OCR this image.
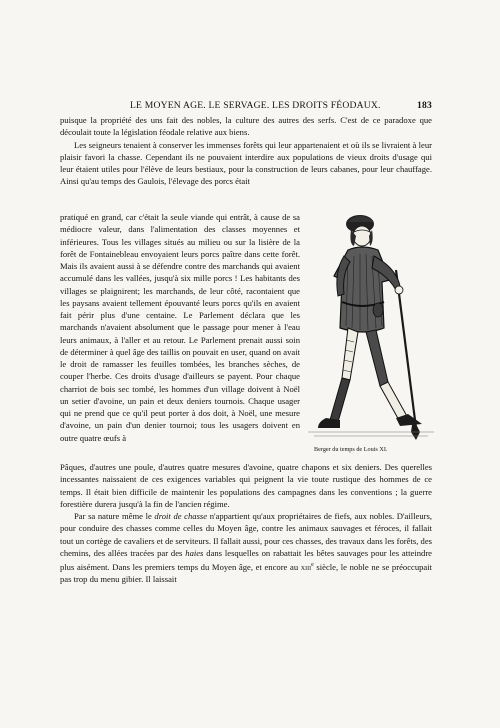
LE MOYEN AGE. LE SERVAGE. LES DROITS FÉODAUX.	183

puisque la propriété des uns fait des nobles, la culture des autres des serfs. C'est de ce paradoxe que découlait toute la législation féodale relative aux biens.

Les seigneurs tenaient à conserver les immenses forêts qui leur appartenaient et où ils se livraient à leur plaisir favori la chasse. Cependant ils ne pouvaient interdire aux populations de vieux droits d'usage qui leur étaient utiles pour l'élève de leurs bestiaux, pour la construction de leurs cabanes, pour leur chauffage. Ainsi qu'au temps des Gaulois, l'élevage des porcs était

pratiqué en grand, car c'était la seule viande qui entrât, à cause de sa médiocre valeur, dans l'alimentation des classes moyennes et inférieures. Tous les villages situés au milieu ou sur la lisière de la forêt de Fontainebleau envoyaient leurs porcs paître dans cette forêt. Mais ils avaient aussi à se défendre contre des marchands qui avaient accumulé dans les vallées, jusqu'à six mille porcs ! Les habitants des villages se plaignirent; les marchands, de leur côté, racontaient que les paysans avaient tellement épouvanté leurs porcs qu'ils en avaient fait périr plus d'une centaine. Le Parlement déclara que les marchands n'avaient absolument que le passage pour mener à l'eau leurs animaux, à l'aller et au retour. Le Parlement prenait aussi soin de déterminer à quel âge des taillis on pouvait en user, quand on avait le droit de ramasser les feuilles tombées, les branches sèches, de couper l'herbe. Ces droits d'usage d'ailleurs se payent. Pour chaque charriot de bois sec tombé, les hommes d'un village doivent à Noël un setier d'avoine, un pain et deux deniers tournois. Chaque usager qui ne prend que ce qu'il peut porter à dos doit, à Noël, une mesure d'avoine, un pain d'un denier tournoi; tous les usagers doivent en outre quatre œufs à

Berger du temps de Louis XI.

Pâques, d'autres une poule, d'autres quatre mesures d'avoine, quatre chapons et six deniers. Des querelles incessantes naissaient de ces exigences variables qui peignent la vie toute rustique des hommes de ce temps. Il était bien difficile de maintenir les populations des campagnes dans les conventions ; la guerre forestière durera jusqu'à la fin de l'ancien régime.

Par sa nature même le droit de chasse n'appartient qu'aux propriétaires de fiefs, aux nobles. D'ailleurs, pour conduire des chasses comme celles du Moyen âge, contre les animaux sauvages et féroces, il fallait tout un cortège de cavaliers et de serviteurs. Il fallait aussi, pour ces chasses, des travaux dans les forêts, des chemins, des allées tracées par des haies dans lesquelles on rabattait les bêtes sauvages pour les atteindre plus aisément. Dans les premiers temps du Moyen âge, et encore au xiii$^e$ siècle, le noble ne se préoccupait pas trop du menu gibier. Il laissait
